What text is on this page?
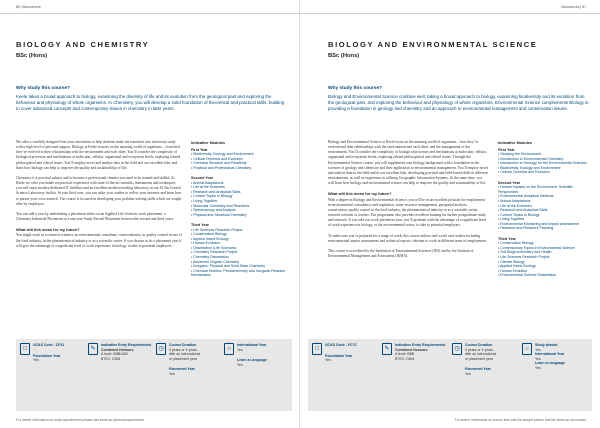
86 | Biosciences
BIOLOGY AND CHEMISTRY
BSc (Hons)
Why study this course?
Keele takes a broad approach to biology, examining the diversity of life and its evolution from the geological past and exploring the behaviour and physiology of whole organisms. In Chemistry, you will develop a solid foundation of theoretical and practical skills, building to cover advanced concepts and contemporary issues in chemistry in later years.

We offer a carefully designed first-year curriculum to help students make the transition into university study with a high level of personal support. Biology at Keele focuses on the amazing world of organisms – from bird they’ve evolved to their relationships with the environment and each other. You’ll consider the complexity of biological processes and mechanisms at molecular, cellular, organismal and ecosystem levels, exploring related philosophical and ethical issues. You’ll employ novel and analyse data in the field and our excellent labs, and learn how biology can help to improve the quality and sustainability of life.

Chemistry is a practical subject and to become a professional chemist you need to be trained and skilled. At Keele we offer you hands-on practical experience with state-of-the-art scientific instruments and techniques, you will enjoy modern dedicated IT facilities and an excellent modern teaching laboratory in our £3.5m Central Science Laboratory facility. In your third year, you can tailor your studies to reflect your interests and learn how to pursue your own research. The course is focused on developing your problem-solving skills which are sought after by employers.

You can add a year by undertaking a placement either on an Applied Life Sciences work placement, a Chemistry Industrial Placement or a one year Study Abroad Placement between the second and third years.

What will this mean for my future?

You might work as a research scientist, an environmental consultant, conservationist, in quality control in one of the food industry, in the pharmaceutical industry or as a scientific writer. If you choose to do a placement year it will give the advantage of a significant level of work experience in biology to take to potential employers.

Indicative Modules
First Year
• Biodiversity, Ecology and Environment
• Cellular Genetics and Evolution
• Chemical Structure and Reactivity
• Practical and Professional Chemistry
Second Year
• Animal Adaptations
• Life at the Extremes
• Research and Analytical Skills
• Current Topics in Biology
• Living Together
• Molecular Chemistry and Reactions
• Spectroscopy and Analysis
• Physical and Structural Chemistry
Third Year
• Life Sciences Research Project
• Conservation Biology
• Applied Insect Ecology
• Human Evolution
• Dissertation (Life Sciences)
• Chemistry Research Project
• Chemistry Dissertation
• Advanced Organic Chemistry
• Inorganic, Physical and Solid State Chemistry
• Chemical Kinetics, Photochemistry and Inorganic Reaction Mechanisms
□
UCAS Code - CF11
Foundation Year
Yes
✎
Indicative Entry Requirements
Combined Honours
A level: BBB/ABC
BTEC: DDM
◷
Course Duration
3 years or 4 years
with an international
or placement year
Placement Year
Yes
○
International Year
Yes
Learn a Language
Yes
For further information on entry requirements please visit keele.ac.uk/entryrequirements
Biosciences | 87
BIOLOGY AND ENVIRONMENTAL SCIENCE
BSc (Hons)
Why study this course?
Biology and Environmental Science combine well, taking a broad approach to biology, examining biodiversity and its evolution from the geological past, and exploring the behaviour and physiology of whole organisms. Environmental Science complements Biology in providing a foundation in geology and chemistry and an approach to environmental management and conservation issues.

Biology and Environmental Science at Keele focus on the amazing world of organisms – how they’ve evolved and their relationships with the environment and each other, and the management of the environment. You’ll consider the complexity of biological processes and mechanisms at molecular, cellular, organismal and ecosystem levels, exploring related philosophical and ethical issues. Through the Environmental Science course, you will supplement your biology background with a foundation in the sciences of geology and chemistry and their application to environmental management. You’ll employ novel and analyse data in the field and in our excellent labs, developing practical and field-based skills in different environments, as well as experience in utilising Geographic Information Systems. At the same time, you will learn how biology and environmental science can help to improve the quality and sustainability of life.

What will this mean for my future?

With a degree in Biology and Environmental Science, you will be in an excellent position for employment in environmental consultancy and regulation, water resource management, geospatial analysis, conservation, quality control in the food industry, the pharmaceutical industry or as a scientific writer, research scientist or teacher. The programme also provides excellent training for further postgraduate study and research. If you take our work placement year, you’ll graduate with the advantage of a significant level of work experience in biology, or the environmental sector, to take to potential employers.

To make sure you’re prepared for a range of work, this course utilises real-world case studies including environmental impact assessments and technical reports, relevant to work in different areas of employment.

This course is accredited by the Institution of Environmental Sciences (IES) and by the Institute of Environmental Management and Assessment (IEMA).

Indicative Modules
First Year
• Studying the Environment
• Introduction to Environmental Chemistry
• Introduction to Geology for the Environmental Sciences
• Biodiversity, Ecology and Environment
• Cellular Genetics and Evolution
Second Year
• Human Impacts on the Environment: Scientific Perspectives
• Environmental Analytical Methods
• Animal Adaptations
• Life at the Extremes
• Research and Analytical Skills
• Current Topics in Biology
• Living Together
• Environmental Monitoring and Impact Assessment
• Research and Fieldwork Planning
Third Year
• Conservation Biology
• Contemporary Topics in Environmental Science
• Soil Biogeochemistry and Health
• Life Sciences Research Project
• Climate Biology
• Applied Insect Ecology
• Human Evolution
• Environmental Science Dissertation
□
UCAS Code - FC7C
Foundation Year
Yes
✎
Indicative Entry Requirements
Combined Honours
A level: BBB
BTEC: DDM
◷
Course Duration
3 years or 4 years
with an international
or placement year
Placement Year
Yes
○
Study abroad
Yes
International Year
Yes
Learn a Language
Yes
For further information on course fees and the subject please visit the keele.ac.uk/courses
